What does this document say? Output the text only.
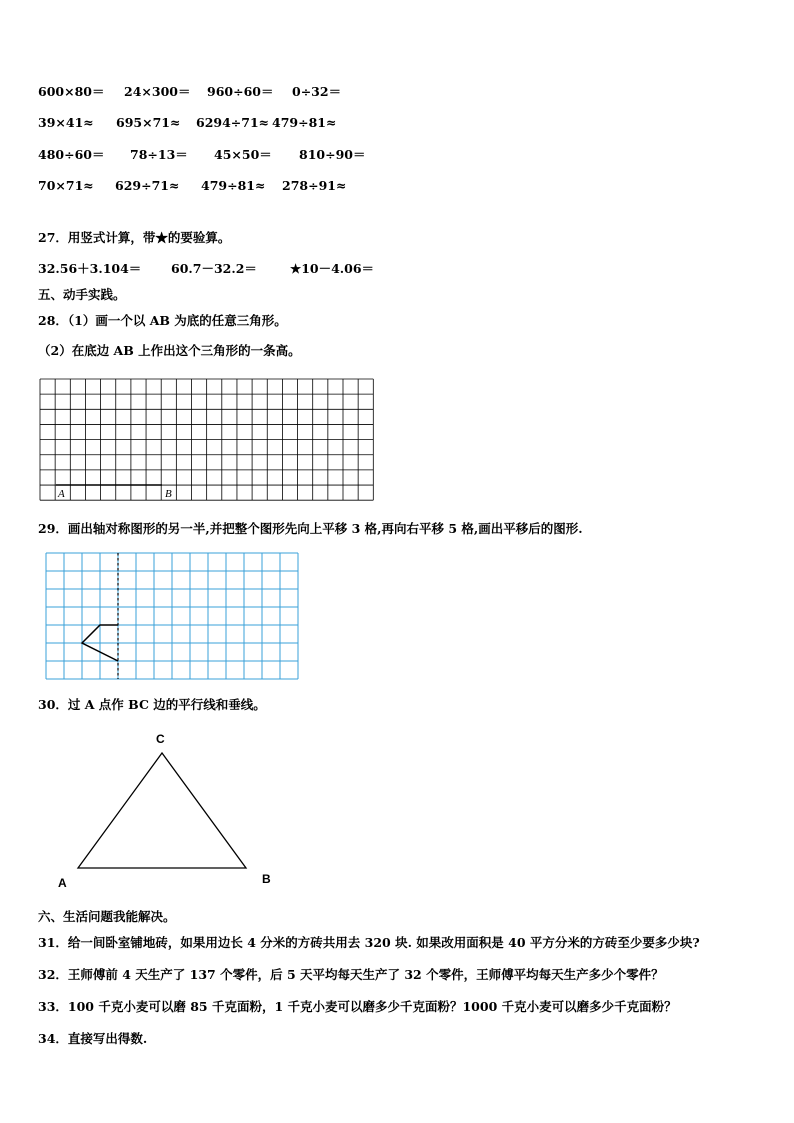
600×80＝ 24×300＝ 960÷60＝ 0÷32＝
39×41≈ 695×71≈ 6294÷71≈ 479÷81≈
480÷60＝ 78÷13＝ 45×50＝ 810÷90＝
70×71≈ 629÷71≈ 479÷81≈ 278÷91≈
27．用竖式计算，带★的要验算。
32.56＋3.104＝ 60.7－32.2＝	★10－4.06＝
五、动手实践。
28．（1）画一个以 AB 为底的任意三角形。
（2）在底边 AB 上作出这个三角形的一条高。
A	B
29．画出轴对称图形的另一半,并把整个图形先向上平移 3 格,再向右平移 5 格,画出平移后的图形.
30．过 A 点作 BC 边的平行线和垂线。
C
A	B
六、生活问题我能解决。
31．给一间卧室铺地砖，如果用边长 4 分米的方砖共用去 320 块. 如果改用面积是 40 平方分米的方砖至少要多少块?
32．王师傅前 4 天生产了 137 个零件，后 5 天平均每天生产了 32 个零件，王师傅平均每天生产多少个零件？
33．100 千克小麦可以磨 85 千克面粉，1 千克小麦可以磨多少千克面粉？1000 千克小麦可以磨多少千克面粉？
34．直接写出得数.
